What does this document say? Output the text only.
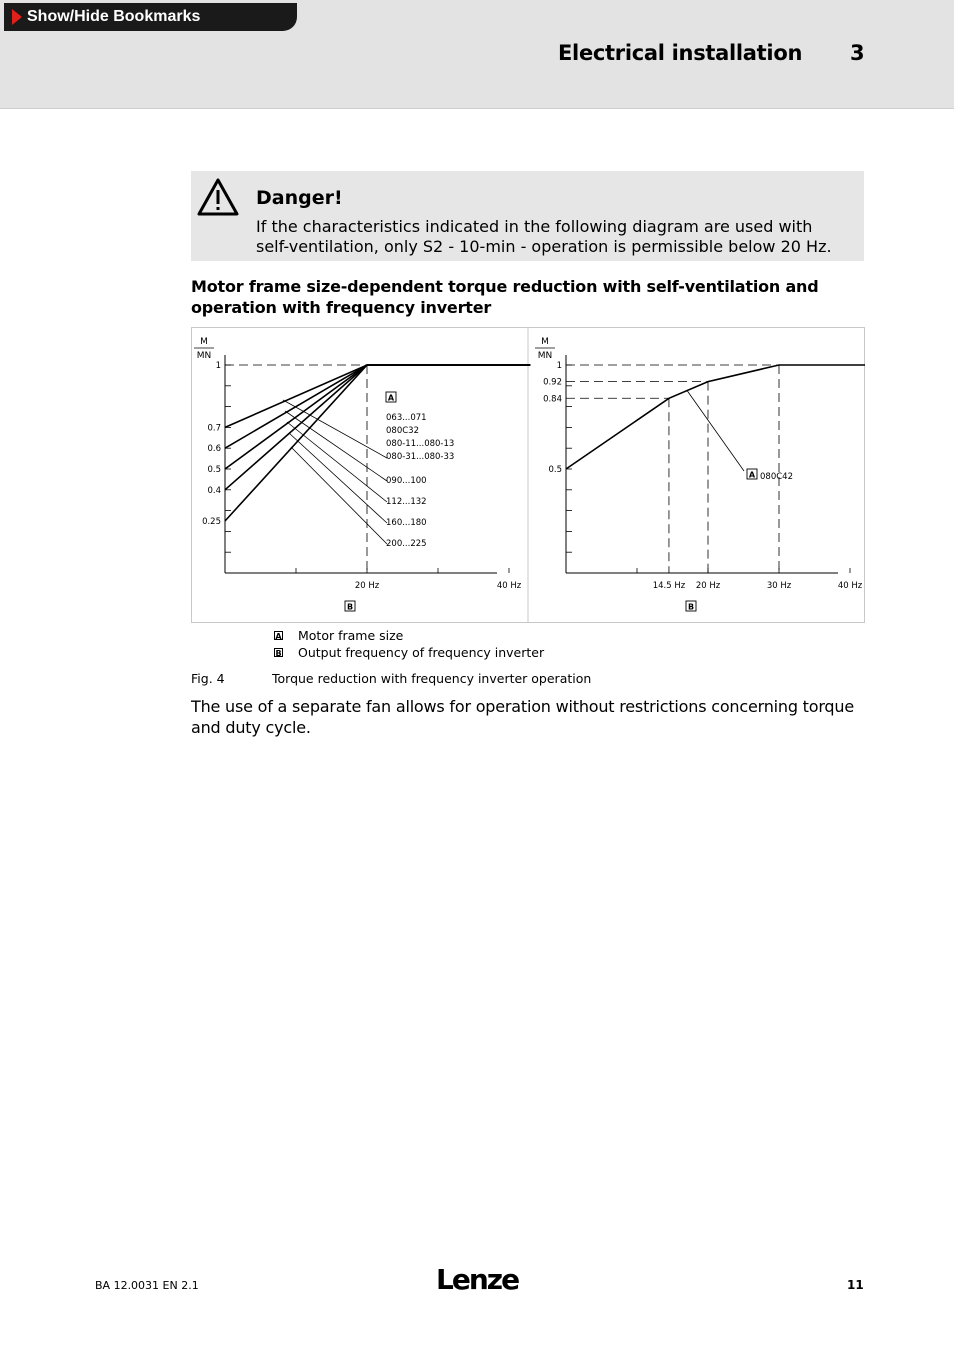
Show/Hide Bookmarks
Electrical installation 3
Danger!
If the characteristics indicated in the following diagram are used with
self-ventilation, only S2 - 10-min - operation is permissible below 20 Hz.
Motor frame size-dependent torque reduction with self-ventilation and operation with frequency inverter
M
MN
1
0.7
0.6
0.5
0.4
0.25
20 Hz	40 Hz
B
A
063...071
080C32
080-11...080-13
080-31...080-33
090...100
112...132
160...180
200...225
M
MN
1
0.92
0.84
0.5
14.5 Hz 20 Hz	30 Hz	40 Hz
B
A 080C42
A Motor frame size
B Output frequency of frequency inverter
Fig. 4	Torque reduction with frequency inverter operation
The use of a separate fan allows for operation without restrictions concerning torque and duty cycle.
BA 12.0031 EN 2.1	Lenze	11
